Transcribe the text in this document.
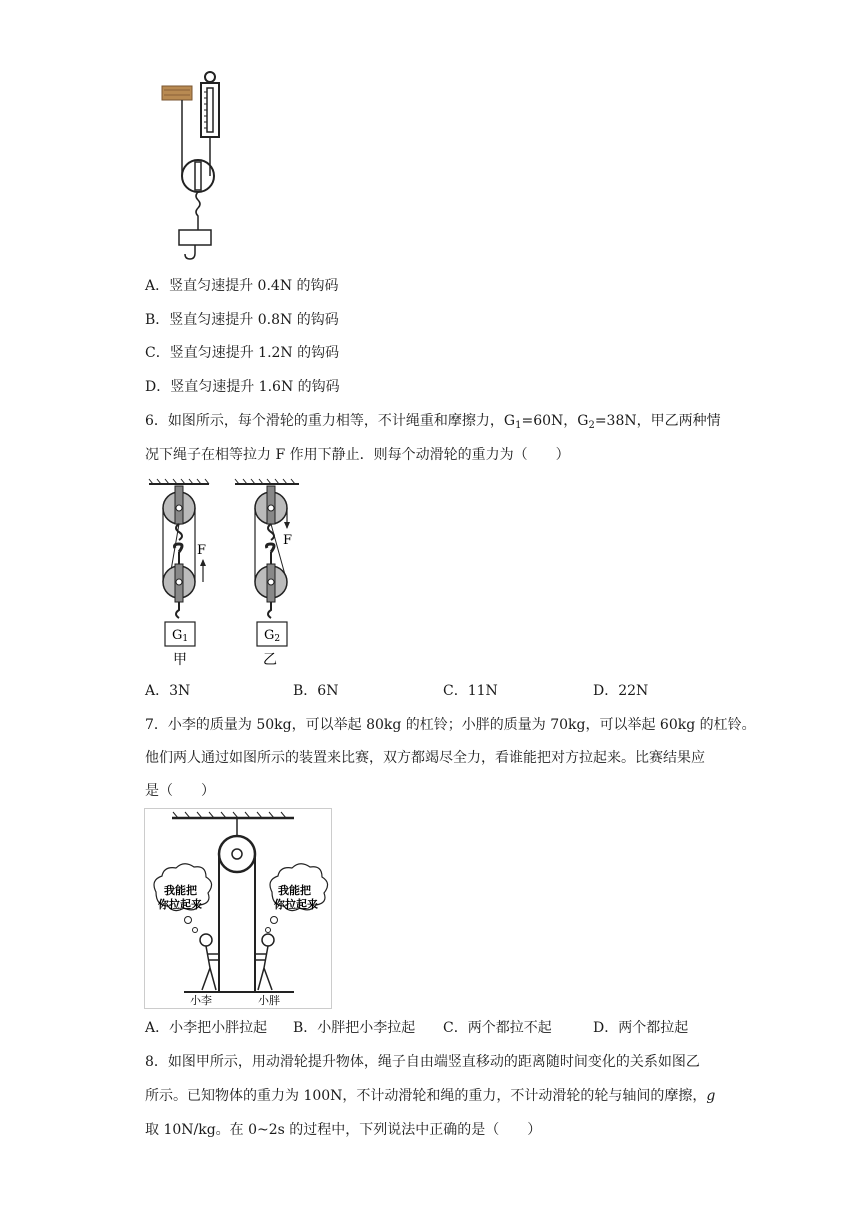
A．竖直匀速提升 0.4N 的钩码
B．竖直匀速提升 0.8N 的钩码
C．竖直匀速提升 1.2N 的钩码
D．竖直匀速提升 1.6N 的钩码
6．如图所示，每个滑轮的重力相等，不计绳重和摩擦力，$G_1=60N$，$G_2=38N$，甲乙两种情
况下绳子在相等拉力 F 作用下静止．则每个动滑轮的重力为（　　）
F
G1
甲
F
G2
乙
A．3N	B．6N	C．11N	D．22N
7．小李的质量为 50kg，可以举起 80kg 的杠铃；小胖的质量为 70kg，可以举起 60kg 的杠铃。
他们两人通过如图所示的装置来比赛，双方都竭尽全力，看谁能把对方拉起来。比赛结果应
是（　　）
我能把
你拉起来
我能把
你拉起来
小李	小胖
A．小李把小胖拉起 B．小胖把小李拉起 C．两个都拉不起	D．两个都拉起
8．如图甲所示，用动滑轮提升物体，绳子自由端竖直移动的距离随时间变化的关系如图乙
所示。已知物体的重力为 100N，不计动滑轮和绳的重力，不计动滑轮的轮与轴间的摩擦，g
取 10N/kg。在 0~2s 的过程中，下列说法中正确的是（　　）
